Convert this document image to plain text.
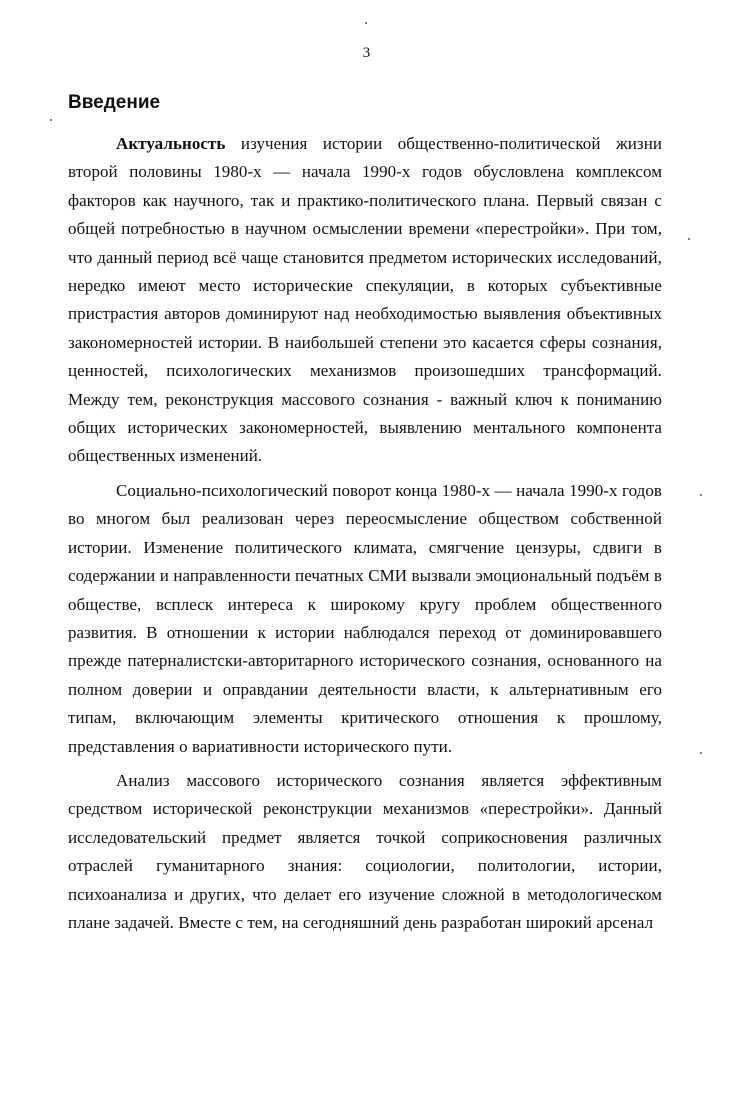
3
Введение

Актуальность изучения истории общественно-политической жизни второй половины 1980-х — начала 1990-х годов обусловлена комплексом факторов как научного, так и практико-политического плана. Первый связан с общей потребностью в научном осмыслении времени «перестройки». При том, что данный период всё чаще становится предметом исторических исследований, нередко имеют место исторические спекуляции, в которых субъективные пристрастия авторов доминируют над необходимостью выявления объективных закономерностей истории. В наибольшей степени это касается сферы сознания, ценностей, психологических механизмов произошедших трансформаций. Между тем, реконструкция массового сознания - важный ключ к пониманию общих исторических закономерностей, выявлению ментального компонента общественных изменений.

Социально-психологический поворот конца 1980-х — начала 1990-х годов во многом был реализован через переосмысление обществом собственной истории. Изменение политического климата, смягчение цензуры, сдвиги в содержании и направленности печатных СМИ вызвали эмоциональный подъём в обществе, всплеск интереса к широкому кругу проблем общественного развития. В отношении к истории наблюдался переход от доминировавшего прежде патерналистски-авторитарного исторического сознания, основанного на полном доверии и оправдании деятельности власти, к альтернативным его типам, включающим элементы критического отношения к прошлому, представления о вариативности исторического пути.

Анализ массового исторического сознания является эффективным средством исторической реконструкции механизмов «перестройки». Данный исследовательский предмет является точкой соприкосновения различных отраслей гуманитарного знания: социологии, политологии, истории, психоанализа и других, что делает его изучение сложной в методологическом плане задачей. Вместе с тем, на сегодняшний день разработан широкий арсенал
